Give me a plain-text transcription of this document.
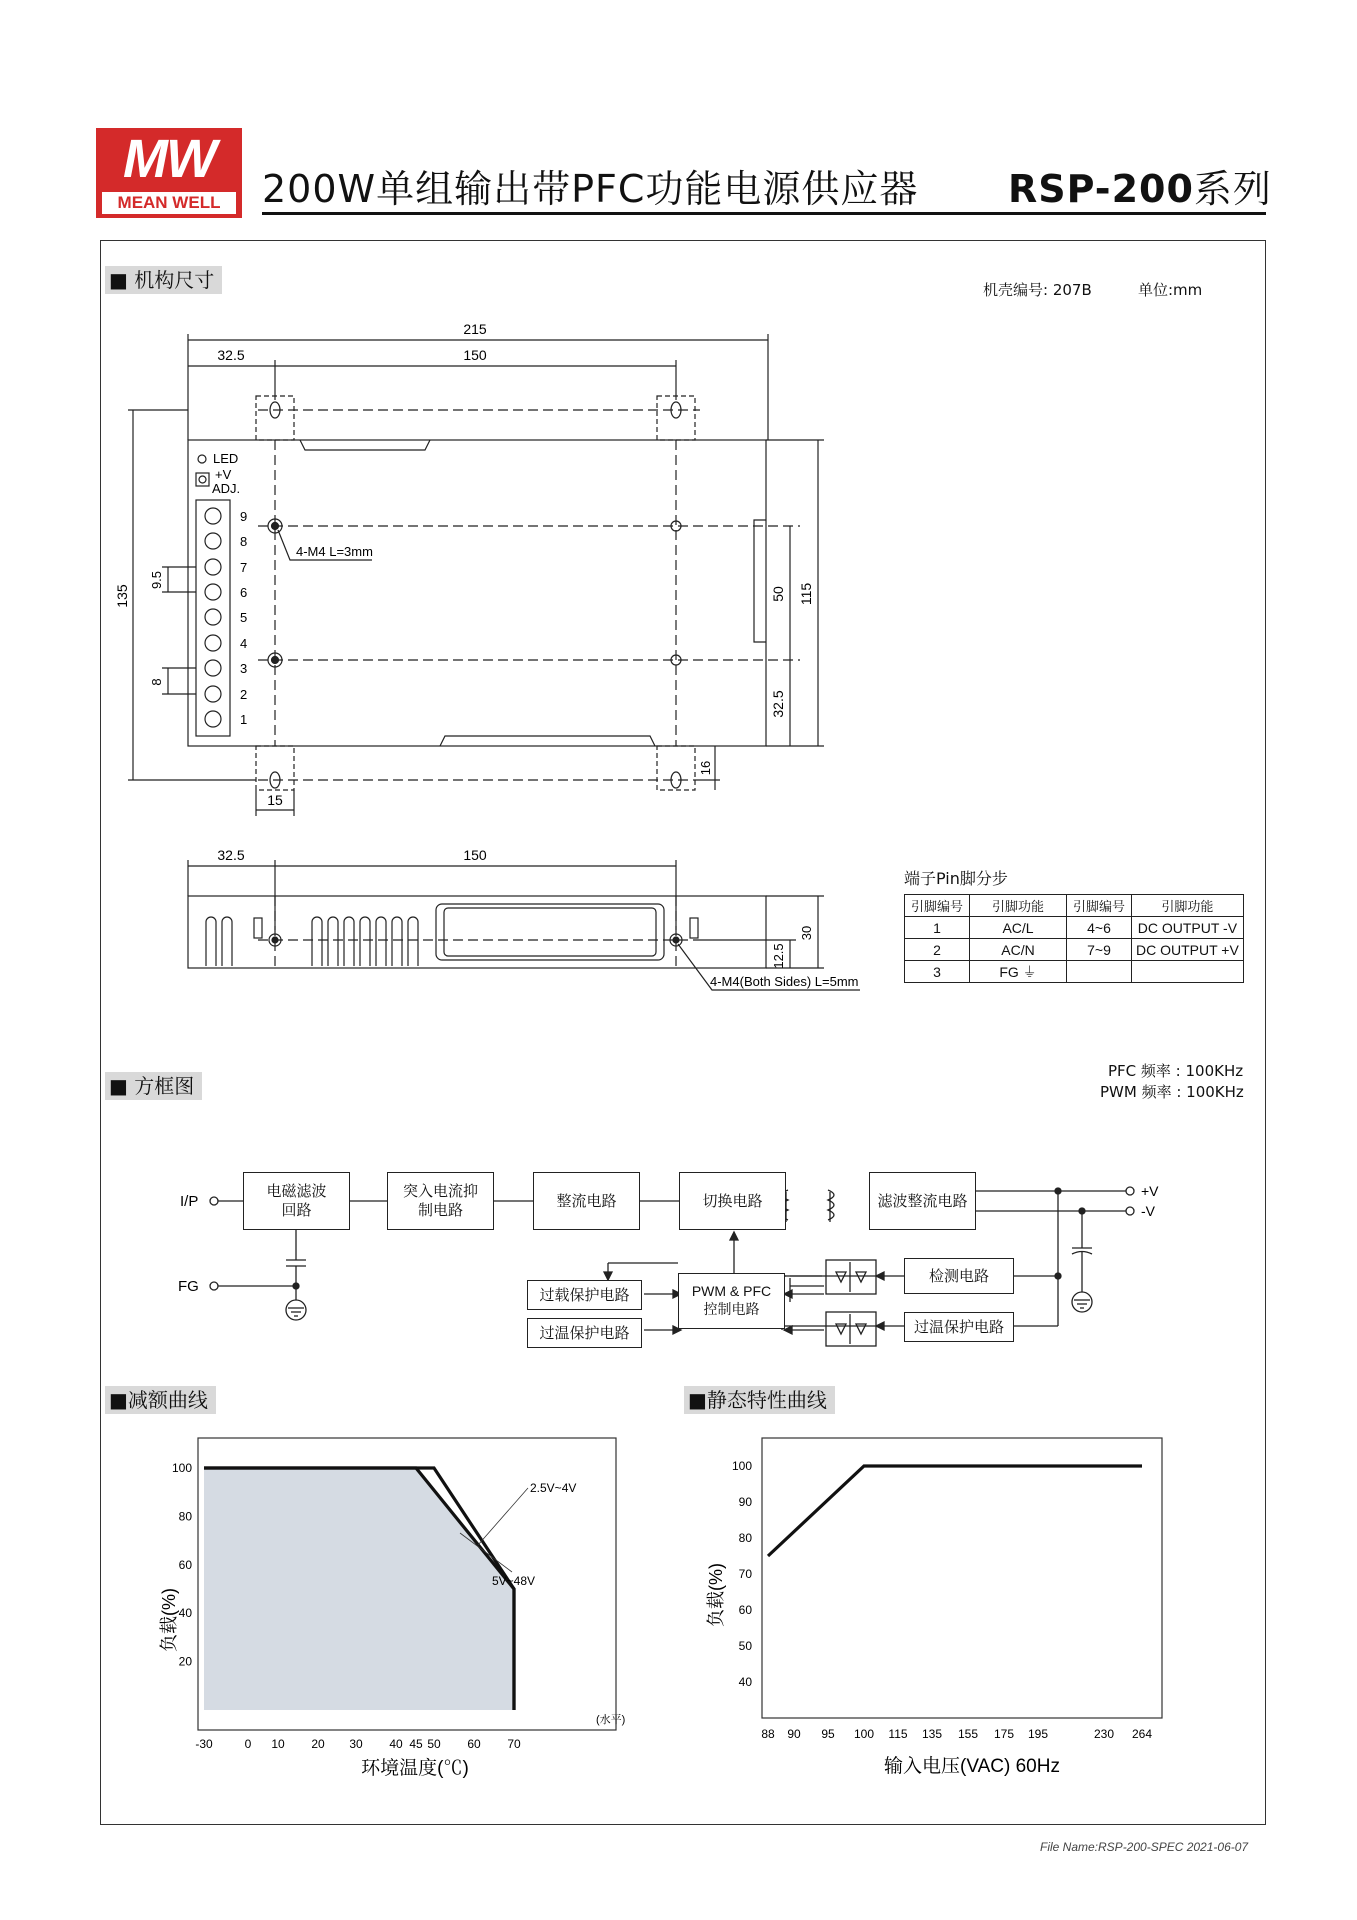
MW
MEAN WELL	200W单组输出带PFC功能电源供应器 RSP-200系列
■ 机构尺寸	机壳编号: 207B	单位:mm
215
32.5	150
135
9.5
8
50 115
32.5
16
15
32.5	150
30
12.5
LED
+V
ADJ.
9
8
7
6
5
4
3
2
1
4-M4 L=3mm
4-M4(Both Sides) L=5mm
端子Pin脚分步
引脚编号	引脚功能	引脚编号	引脚功能
1	AC/L	4~6	DC OUTPUT -V
2	AC/N	7~9	DC OUTPUT +V
3	FG ⏚		
■ 方框图
PFC 频率 : 100KHz
PWM 频率 : 100KHz
I/P
FG
+V
-V
电磁滤波回路
突入电流抑制电路
整流电路	切换电路	滤波整流电路
过载保护电路
过温保护电路
PWM & PFC
控制电路
检测电路
过温保护电路
■减额曲线
-30	0 10 20 30 40 45 50 60 70
20
40
60
80
100
负载(%)
环境温度(℃)
(水平)
2.5V~4V
5V~48V
■静态特性曲线
88 90 95 100 115 135 155 175 195	230 264
40
50
60
70
80
90
100
负载(%)
输入电压(VAC) 60Hz
File Name:RSP-200-SPEC 2021-06-07
